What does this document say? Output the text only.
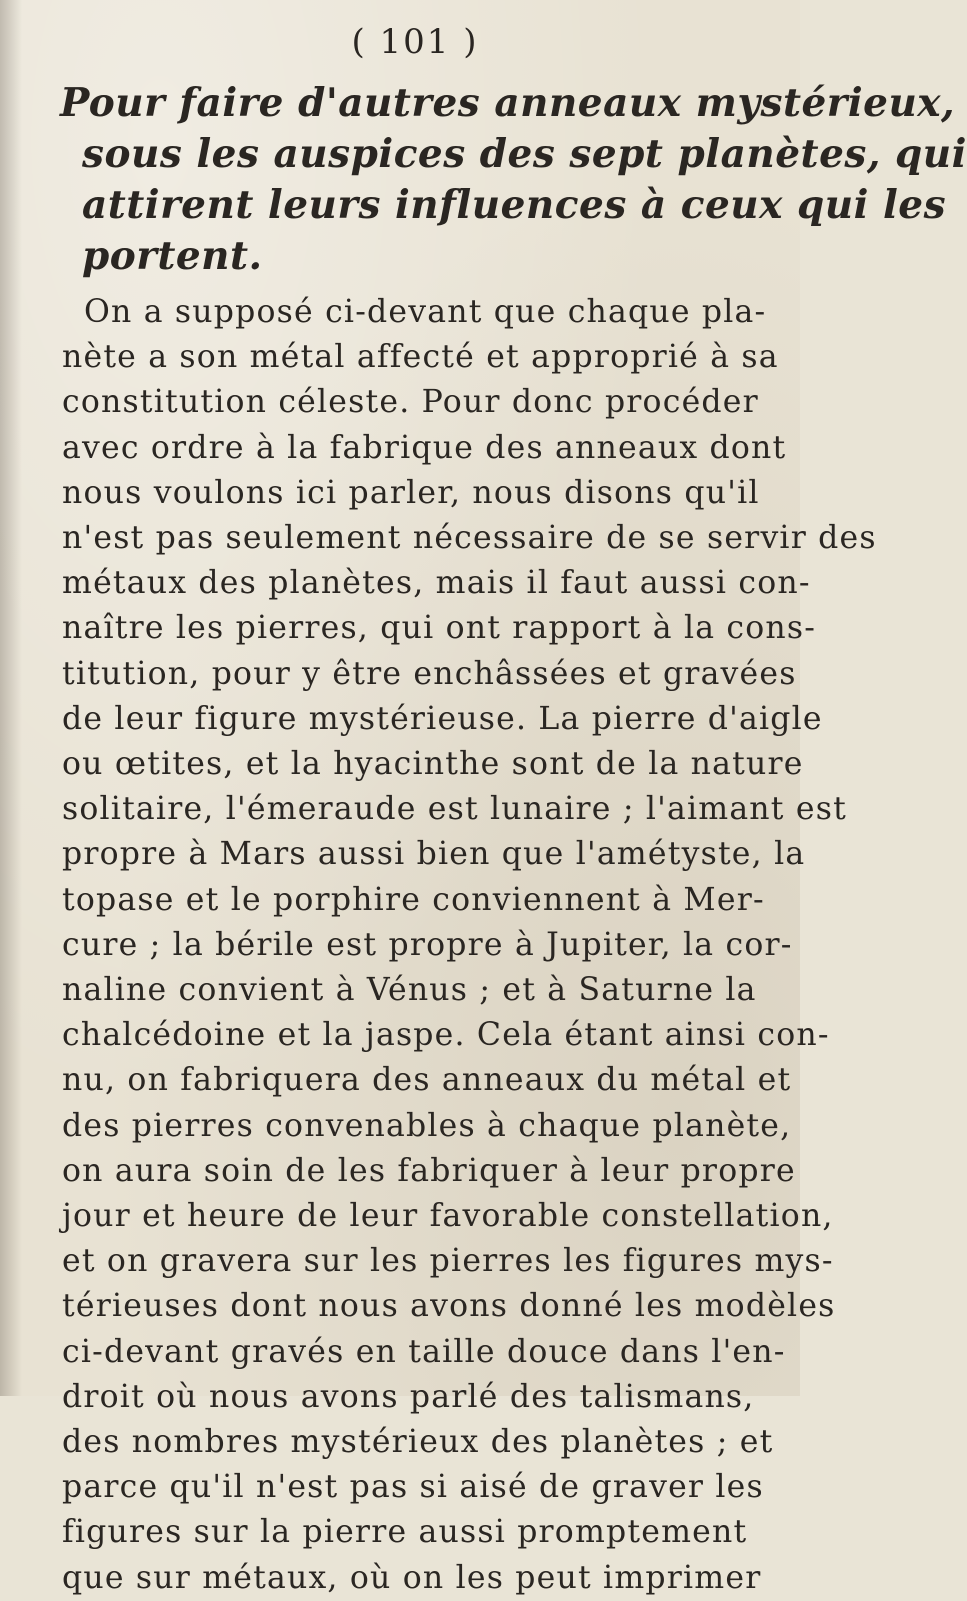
( 101 )
Pour faire d'autres anneaux mystérieux,
sous les auspices des sept planètes, qui
attirent leurs influences à ceux qui les
portent.
On a supposé ci-devant que chaque pla-
nète a son métal affecté et approprié à sa
constitution céleste. Pour donc procéder
avec ordre à la fabrique des anneaux dont
nous voulons ici parler, nous disons qu'il
n'est pas seulement nécessaire de se servir des
métaux des planètes, mais il faut aussi con-
naître les pierres, qui ont rapport à la cons-
titution, pour y être enchâssées et gravées
de leur figure mystérieuse. La pierre d'aigle
ou œtites, et la hyacinthe sont de la nature
solitaire, l'émeraude est lunaire ; l'aimant est
propre à Mars aussi bien que l'amétyste, la
topase et le porphire conviennent à Mer-
cure ; la bérile est propre à Jupiter, la cor-
naline convient à Vénus ; et à Saturne la
chalcédoine et la jaspe. Cela étant ainsi con-
nu, on fabriquera des anneaux du métal et
des pierres convenables à chaque planète,
on aura soin de les fabriquer à leur propre
jour et heure de leur favorable constellation,
et on gravera sur les pierres les figures mys-
térieuses dont nous avons donné les modèles
ci-devant gravés en taille douce dans l'en-
droit où nous avons parlé des talismans,
des nombres mystérieux des planètes ; et
parce qu'il n'est pas si aisé de graver les
figures sur la pierre aussi promptement
que sur métaux, où on les peut imprimer
